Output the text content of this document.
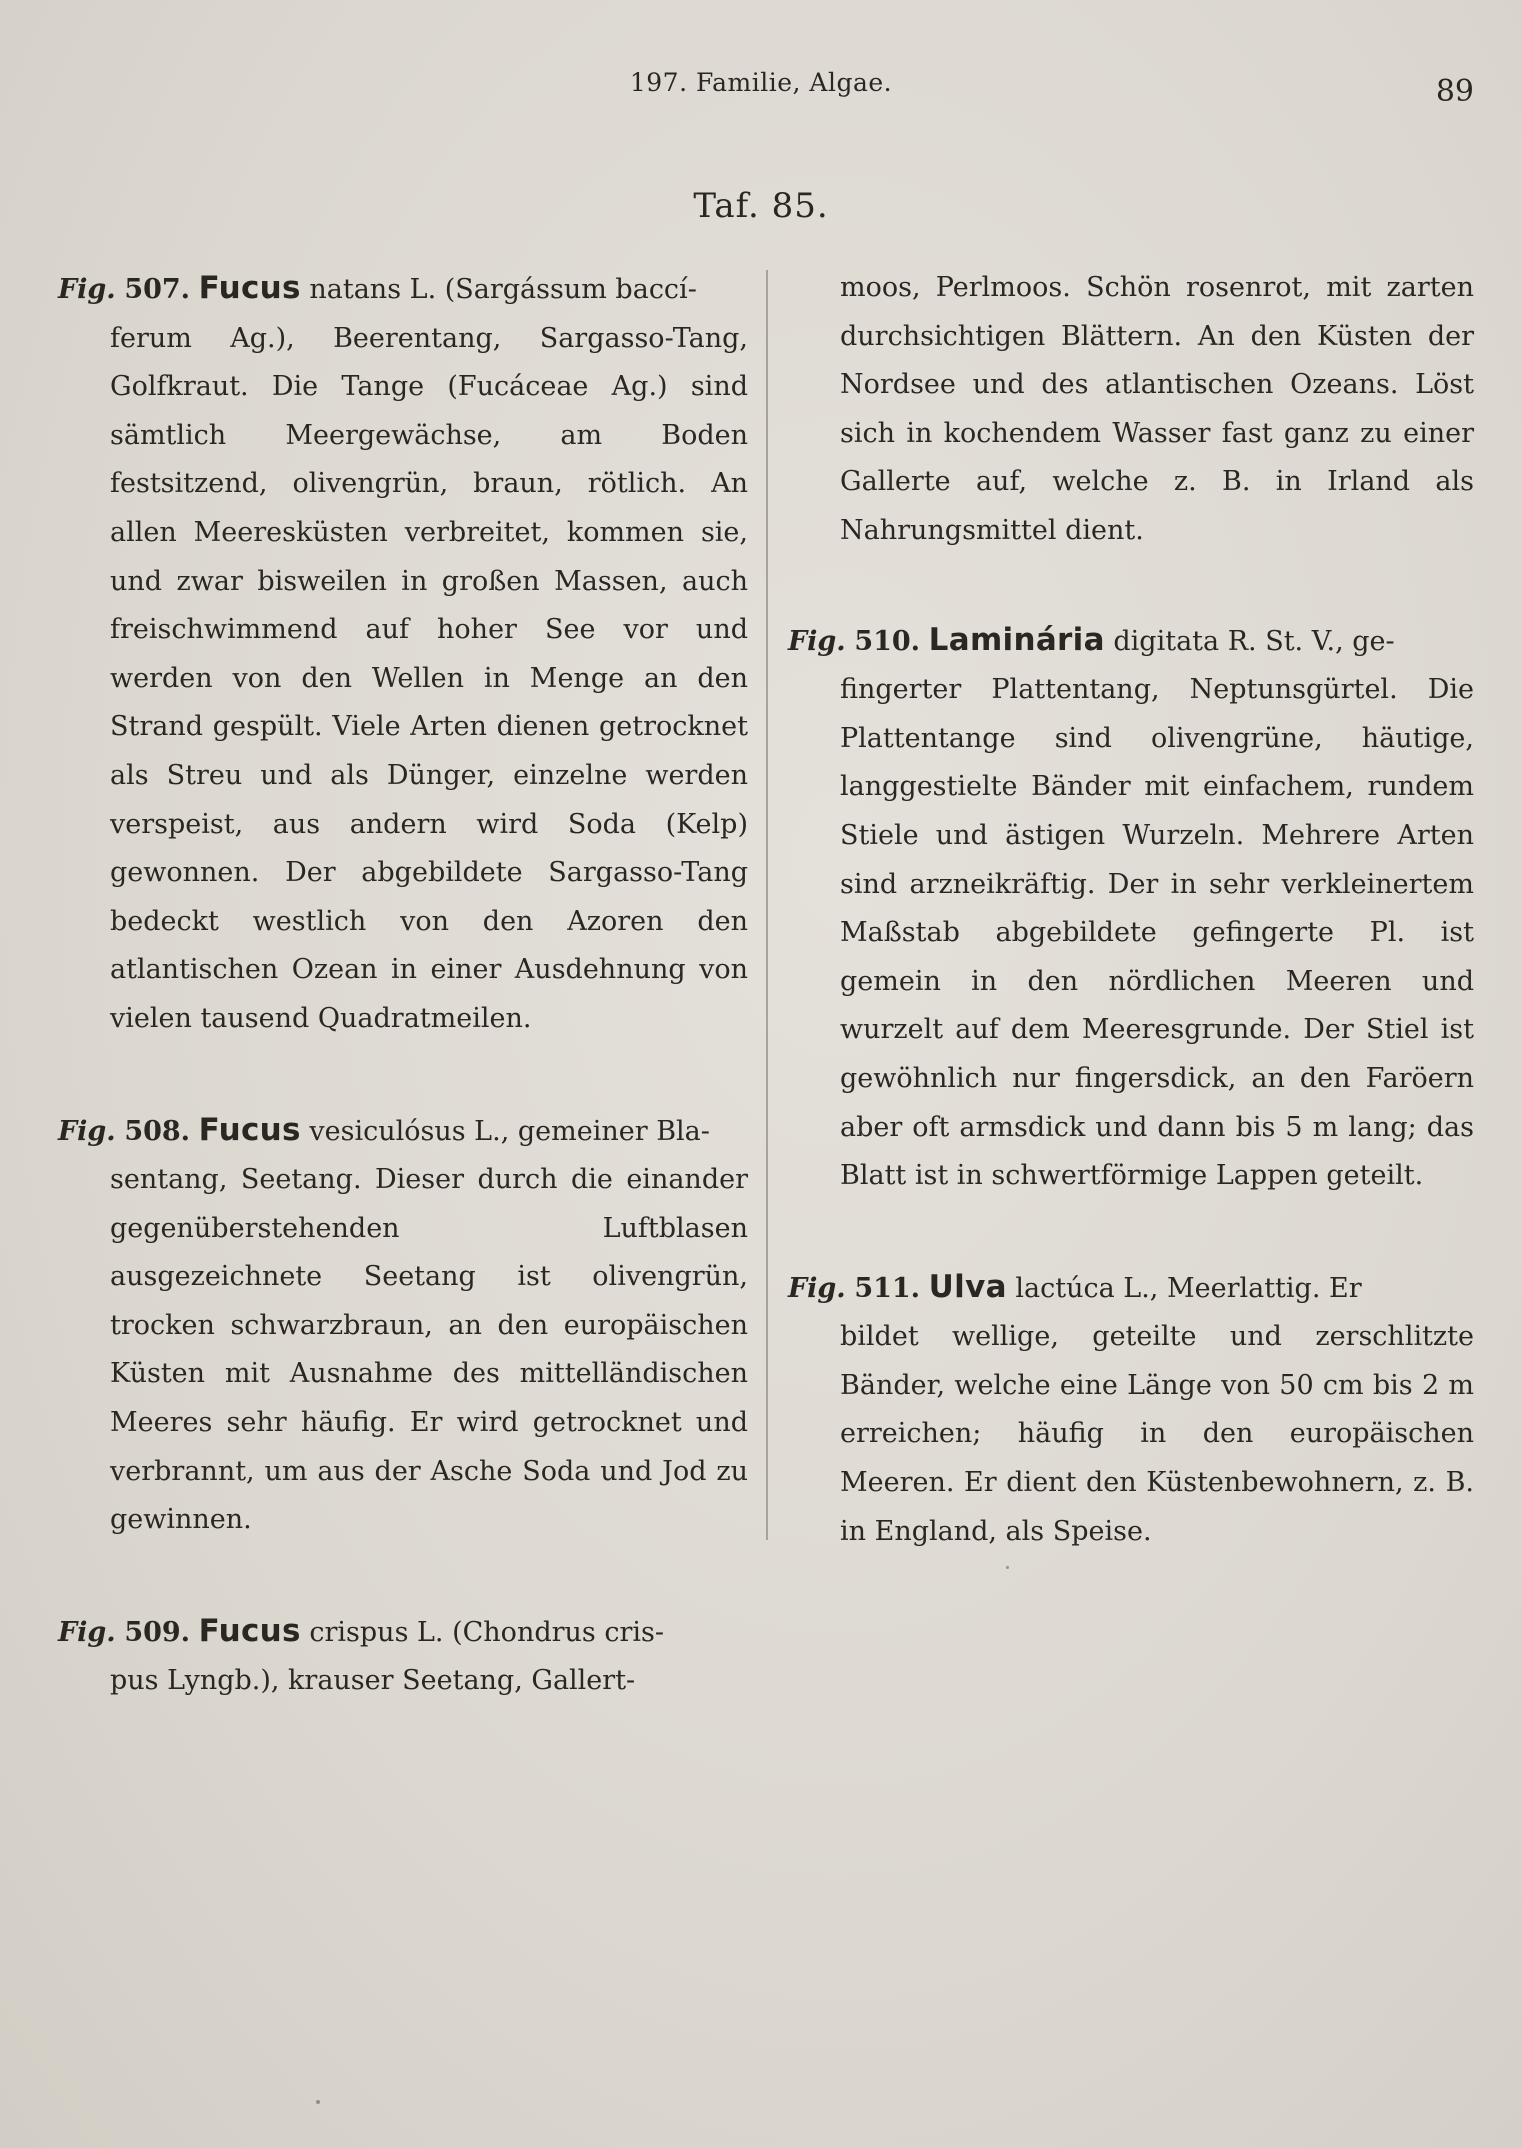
197. Familie, Algae.	89
Taf. 85.
Fig. 507. Fucus natans L. (Sargássum baccí-
ferum Ag.), Beerentang, Sargasso-Tang, Golfkraut. Die Tange (Fucáceae Ag.) sind sämtlich Meergewächse, am Boden festsitzend, olivengrün, braun, rötlich. An allen Meeresküsten verbreitet, kommen sie, und zwar bisweilen in großen Massen, auch freischwimmend auf hoher See vor und werden von den Wellen in Menge an den Strand gespült. Viele Arten dienen getrocknet als Streu und als Dünger, einzelne werden verspeist, aus andern wird Soda (Kelp) gewonnen. Der abgebildete Sargasso-Tang bedeckt westlich von den Azoren den atlantischen Ozean in einer Ausdehnung von vielen tausend Quadratmeilen.
Fig. 508. Fucus vesiculósus L., gemeiner Bla-
sentang, Seetang. Dieser durch die einander gegenüberstehenden Luftblasen ausgezeichnete Seetang ist olivengrün, trocken schwarzbraun, an den europäischen Küsten mit Ausnahme des mittelländischen Meeres sehr häufig. Er wird getrocknet und verbrannt, um aus der Asche Soda und Jod zu gewinnen.
Fig. 509. Fucus crispus L. (Chondrus cris-
pus Lyngb.), krauser Seetang, Gallert-
moos, Perlmoos. Schön rosenrot, mit zarten durchsichtigen Blättern. An den Küsten der Nordsee und des atlantischen Ozeans. Löst sich in kochendem Wasser fast ganz zu einer Gallerte auf, welche z. B. in Irland als Nahrungsmittel dient.
Fig. 510. Laminária digitata R. St. V., ge-
fingerter Plattentang, Neptunsgürtel. Die Plattentange sind olivengrüne, häutige, langgestielte Bänder mit einfachem, rundem Stiele und ästigen Wurzeln. Mehrere Arten sind arzneikräftig. Der in sehr verkleinertem Maßstab abgebildete gefingerte Pl. ist gemein in den nördlichen Meeren und wurzelt auf dem Meeresgrunde. Der Stiel ist gewöhnlich nur fingersdick, an den Faröern aber oft armsdick und dann bis 5 m lang; das Blatt ist in schwertförmige Lappen geteilt.
Fig. 511. Ulva lactúca L., Meerlattig. Er
bildet wellige, geteilte und zerschlitzte Bänder, welche eine Länge von 50 cm bis 2 m erreichen; häufig in den europäischen Meeren. Er dient den Küstenbewohnern, z. B. in England, als Speise.
